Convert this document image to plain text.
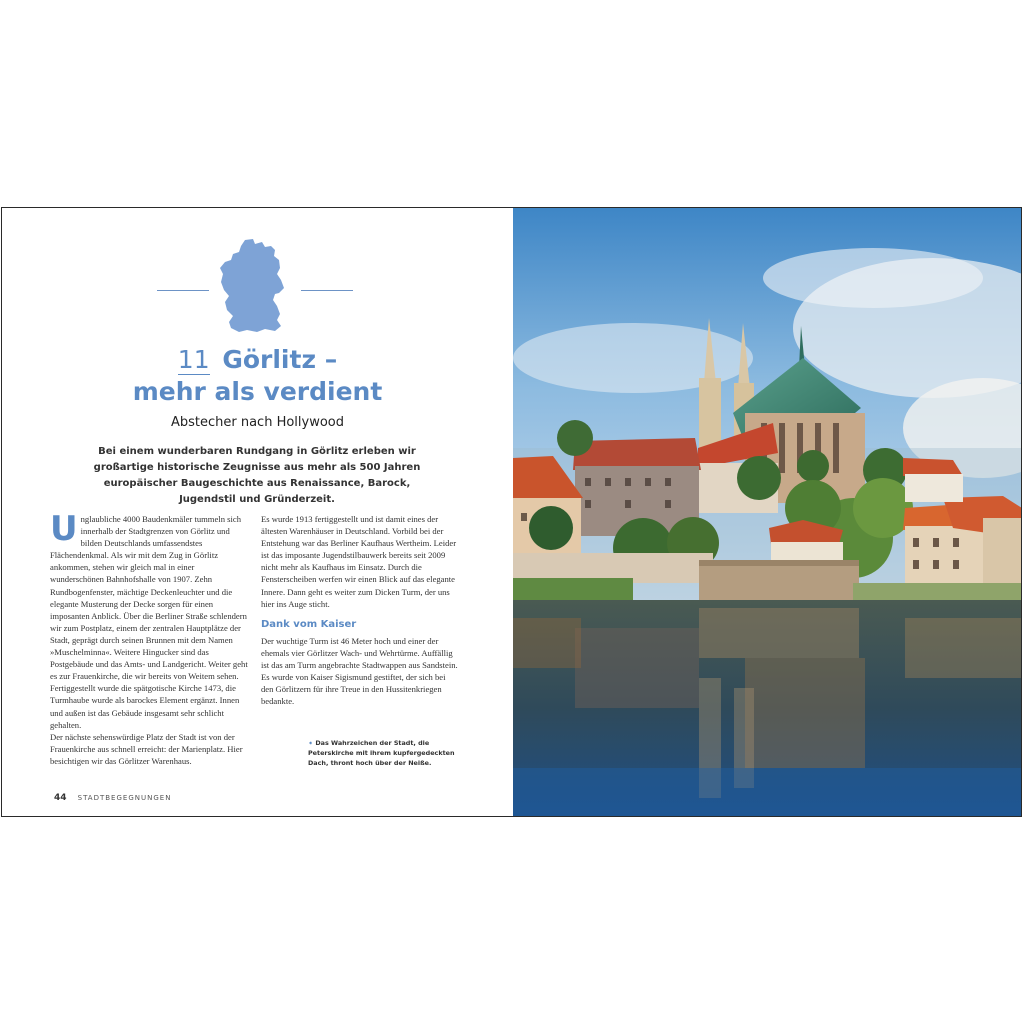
11 Görlitz –
mehr als verdient
Abstecher nach Hollywood
Bei einem wunderbaren Rundgang in Görlitz erleben wir großartige historische Zeugnisse aus mehr als 500 Jahren europäischer Baugeschichte aus Renaissance, Barock, Jugendstil und Gründerzeit.

Unglaubliche 4000 Baudenkmäler tummeln sich innerhalb der Stadtgrenzen von Görlitz und bilden Deutschlands umfassendstes Flächendenkmal. Als wir mit dem Zug in Görlitz ankommen, stehen wir gleich mal in einer wunderschönen Bahnhofshalle von 1907. Zehn Rundbogenfenster, mächtige Deckenleuchter und die elegante Musterung der Decke sorgen für einen imposanten Anblick. Über die Berliner Straße schlendern wir zum Postplatz, einem der zentralen Hauptplätze der Stadt, geprägt durch seinen Brunnen mit dem Namen »Muschelminna«. Weitere Hingucker sind das Postgebäude und das Amts- und Landgericht. Weiter geht es zur Frauenkirche, die wir bereits von Weitem sehen. Fertiggestellt wurde die spätgotische Kirche 1473, die Turmhaube wurde als barockes Element ergänzt. Innen und außen ist das Gebäude insgesamt sehr schlicht gehalten.

Der nächste sehenswürdige Platz der Stadt ist von der Frauenkirche aus schnell erreicht: der Marienplatz. Hier besichtigen wir das Görlitzer Warenhaus.

Es wurde 1913 fertiggestellt und ist damit eines der ältesten Warenhäuser in Deutschland. Vorbild bei der Entstehung war das Berliner Kaufhaus Wertheim. Leider ist das imposante Jugendstilbauwerk bereits seit 2009 nicht mehr als Kaufhaus im Einsatz. Durch die Fensterscheiben werfen wir einen Blick auf das elegante Innere. Dann geht es weiter zum Dicken Turm, der uns hier ins Auge sticht.

Dank vom Kaiser

Der wuchtige Turm ist 46 Meter hoch und einer der ehemals vier Görlitzer Wach- und Wehrtürme. Auffällig ist das am Turm angebrachte Stadtwappen aus Sandstein. Es wurde von Kaiser Sigismund gestiftet, der sich bei den Görlitzern für ihre Treue in den Hussitenkriegen bedankte.

➧ Das Wahrzeichen der Stadt, die Peterskirche mit ihrem kupfergedeckten Dach, thront hoch über der Neiße.
44 STADTBEGEGNUNGEN
